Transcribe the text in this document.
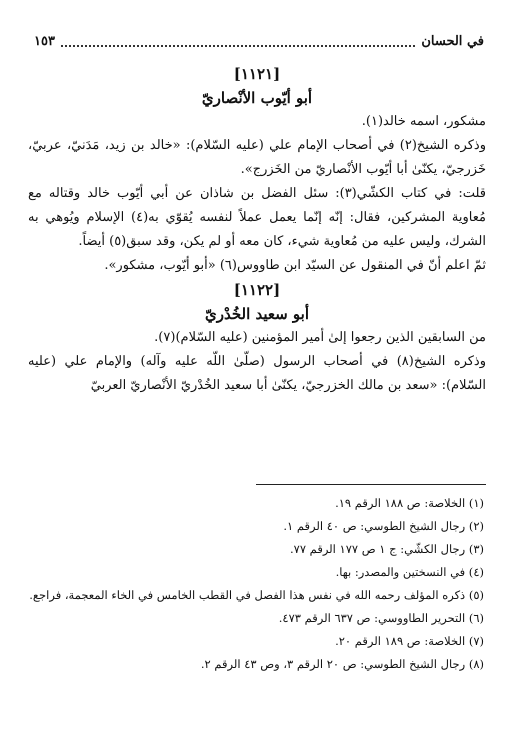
في الحسان
١٥٣

[١١٢١]

أبو أيّوب الأنْصاريّ

مشكور، اسمه خالد(١).

وذكره الشيخ(٢) في أصحاب الإمام علي (عليه السّلام): «خالد بن زيد، مَدَنيّ، عربيّ، خَزرجيّ، يكنّىٰ أبا أيّوب الأنْصاريّ من الخَزرج».

قلت: في كتاب الكشّي(٣): سئل الفضل بن شاذان عن أبي أيّوب خالد وقتاله مع مُعاوية المشركين، فقال: إنّه إنّما يعمل عملاً لنفسه يُقوّي به(٤) الإسلام ويُوهي به الشرك، وليس عليه من مُعاوية شيء، كان معه أو لم يكن، وقد سبق(٥) أيضاً.

ثمّ اعلم أنّ في المنقول عن السيّد ابن طاووس(٦) «أبو أيّوب، مشكور».

[١١٢٢]

أبو سعيد الخُدْريّ

من السابقين الذين رجعوا إلىٰ أمير المؤمنين (عليه السّلام)(٧).

وذكره الشيخ(٨) في أصحاب الرسول (صلّىٰ اللّه عليه وآله) والإمام علي (عليه السّلام): «سعد بن مالك الخزرجيّ، يكنّىٰ أبا سعيد الخُدْريّ الأنْصاريّ العربيّ

(١) الخلاصة: ص ١٨٨ الرقم ١٩.
(٢) رجال الشيخ الطوسي: ص ٤٠ الرقم ١.
(٣) رجال الكشّي: ج ١ ص ١٧٧ الرقم ٧٧.
(٤) في النسختين والمصدر: بها.
(٥) ذكره المؤلف رحمه الله في نفس هذا الفصل في القطب الخامس في الخاء المعجمة، فراجع.
(٦) التحرير الطاووسي: ص ٦٣٧ الرقم ٤٧٣.
(٧) الخلاصة: ص ١٨٩ الرقم ٢٠.
(٨) رجال الشيخ الطوسي: ص ٢٠ الرقم ٣، وص ٤٣ الرقم ٢.
